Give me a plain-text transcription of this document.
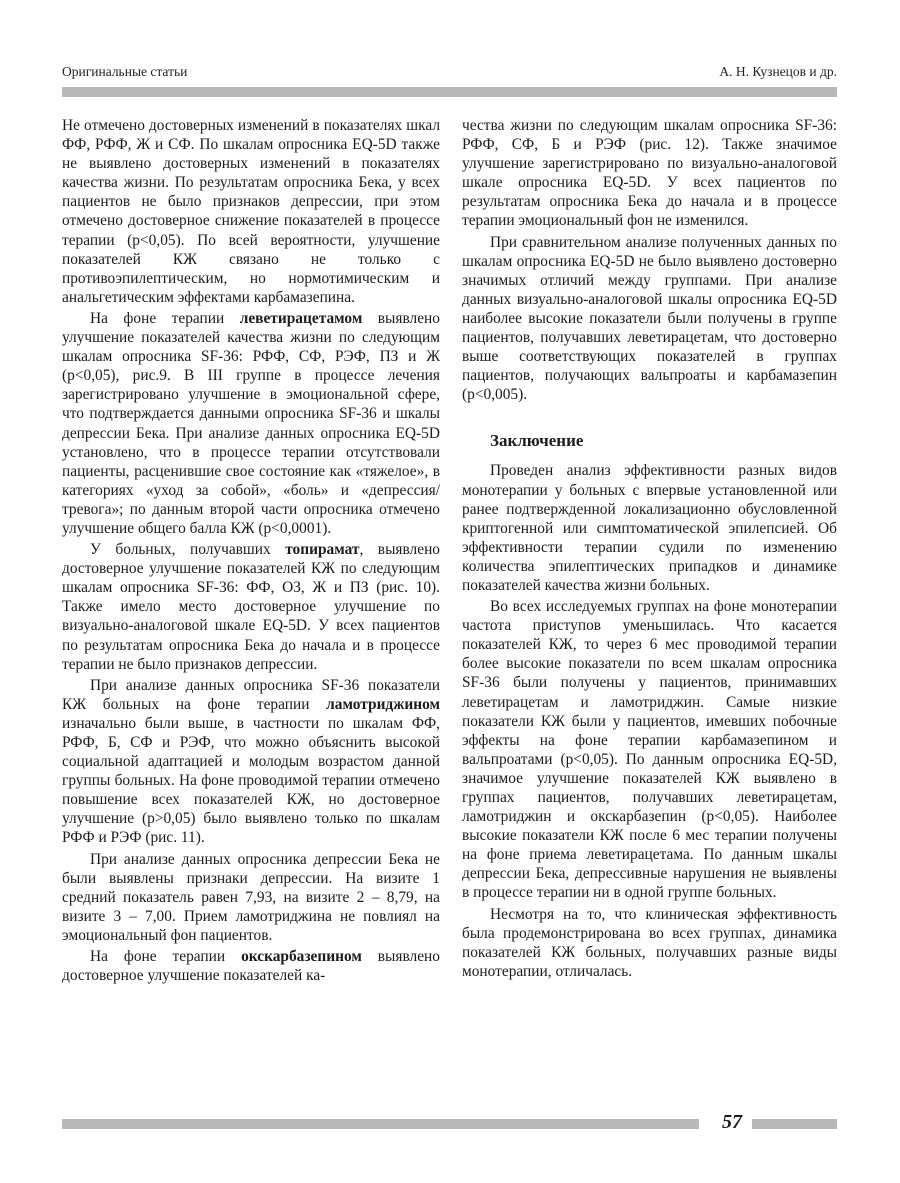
Оригинальные статьи	А. Н. Кузнецов и др.

Не отмечено достоверных изменений в показателях шкал ФФ, РФФ, Ж и СФ. По шкалам опросника EQ-5D также не выявлено достоверных изменений в показателях качества жизни. По результатам опросника Бека, у всех пациентов не было признаков депрессии, при этом отмечено достоверное снижение показателей в процессе терапии (p<0,05). По всей вероятности, улучшение показателей КЖ связано не только с противоэпилептическим, но нормотимическим и анальгетическим эффектами карбамазепина.

На фоне терапии леветирацетамом выявлено улучшение показателей качества жизни по следующим шкалам опросника SF-36: РФФ, СФ, РЭФ, ПЗ и Ж (p<0,05), рис.9. В III группе в процессе лечения зарегистрировано улучшение в эмоциональной сфере, что подтверждается данными опросника SF-36 и шкалы депрессии Бека. При анализе данных опросника EQ-5D установлено, что в процессе терапии отсутствовали пациенты, расценившие свое состояние как «тяжелое», в категориях «уход за собой», «боль» и «депрессия/тревога»; по данным второй части опросника отмечено улучшение общего балла КЖ (p<0,0001).

У больных, получавших топирамат, выявлено достоверное улучшение показателей КЖ по следующим шкалам опросника SF-36: ФФ, ОЗ, Ж и ПЗ (рис. 10). Также имело место достоверное улучшение по визуально-аналоговой шкале EQ-5D. У всех пациентов по результатам опросника Бека до начала и в процессе терапии не было признаков депрессии.

При анализе данных опросника SF-36 показатели КЖ больных на фоне терапии ламотриджином изначально были выше, в частности по шкалам ФФ, РФФ, Б, СФ и РЭФ, что можно объяснить высокой социальной адаптацией и молодым возрастом данной группы больных. На фоне проводимой терапии отмечено повышение всех показателей КЖ, но достоверное улучшение (p>0,05) было выявлено только по шкалам РФФ и РЭФ (рис. 11).

При анализе данных опросника депрессии Бека не были выявлены признаки депрессии. На визите 1 средний показатель равен 7,93, на визите 2 – 8,79, на визите 3 – 7,00. Прием ламотриджина не повлиял на эмоциональный фон пациентов.

На фоне терапии окскарбазепином выявлено достоверное улучшение показателей ка-

чества жизни по следующим шкалам опросника SF-36: РФФ, СФ, Б и РЭФ (рис. 12). Также значимое улучшение зарегистрировано по визуально-аналоговой шкале опросника EQ-5D. У всех пациентов по результатам опросника Бека до начала и в процессе терапии эмоциональный фон не изменился.

При сравнительном анализе полученных данных по шкалам опросника EQ-5D не было выявлено достоверно значимых отличий между группами. При анализе данных визуально-аналоговой шкалы опросника EQ-5D наиболее высокие показатели были получены в группе пациентов, получавших леветирацетам, что достоверно выше соответствующих показателей в группах пациентов, получающих вальпроаты и карбамазепин (p<0,005).

Заключение

Проведен анализ эффективности разных видов монотерапии у больных с впервые установленной или ранее подтвержденной локализационно обусловленной криптогенной или симптоматической эпилепсией. Об эффективности терапии судили по изменению количества эпилептических припадков и динамике показателей качества жизни больных.

Во всех исследуемых группах на фоне монотерапии частота приступов уменьшилась. Что касается показателей КЖ, то через 6 мес проводимой терапии более высокие показатели по всем шкалам опросника SF-36 были получены у пациентов, принимавших леветирацетам и ламотриджин. Самые низкие показатели КЖ были у пациентов, имевших побочные эффекты на фоне терапии карбамазепином и вальпроатами (p<0,05). По данным опросника EQ-5D, значимое улучшение показателей КЖ выявлено в группах пациентов, получавших леветирацетам, ламотриджин и окскарбазепин (p<0,05). Наиболее высокие показатели КЖ после 6 мес терапии получены на фоне приема леветирацетама. По данным шкалы депрессии Бека, депрессивные нарушения не выявлены в процессе терапии ни в одной группе больных.

Несмотря на то, что клиническая эффективность была продемонстрирована во всех группах, динамика показателей КЖ больных, получавших разные виды монотерапии, отличалась.

57
